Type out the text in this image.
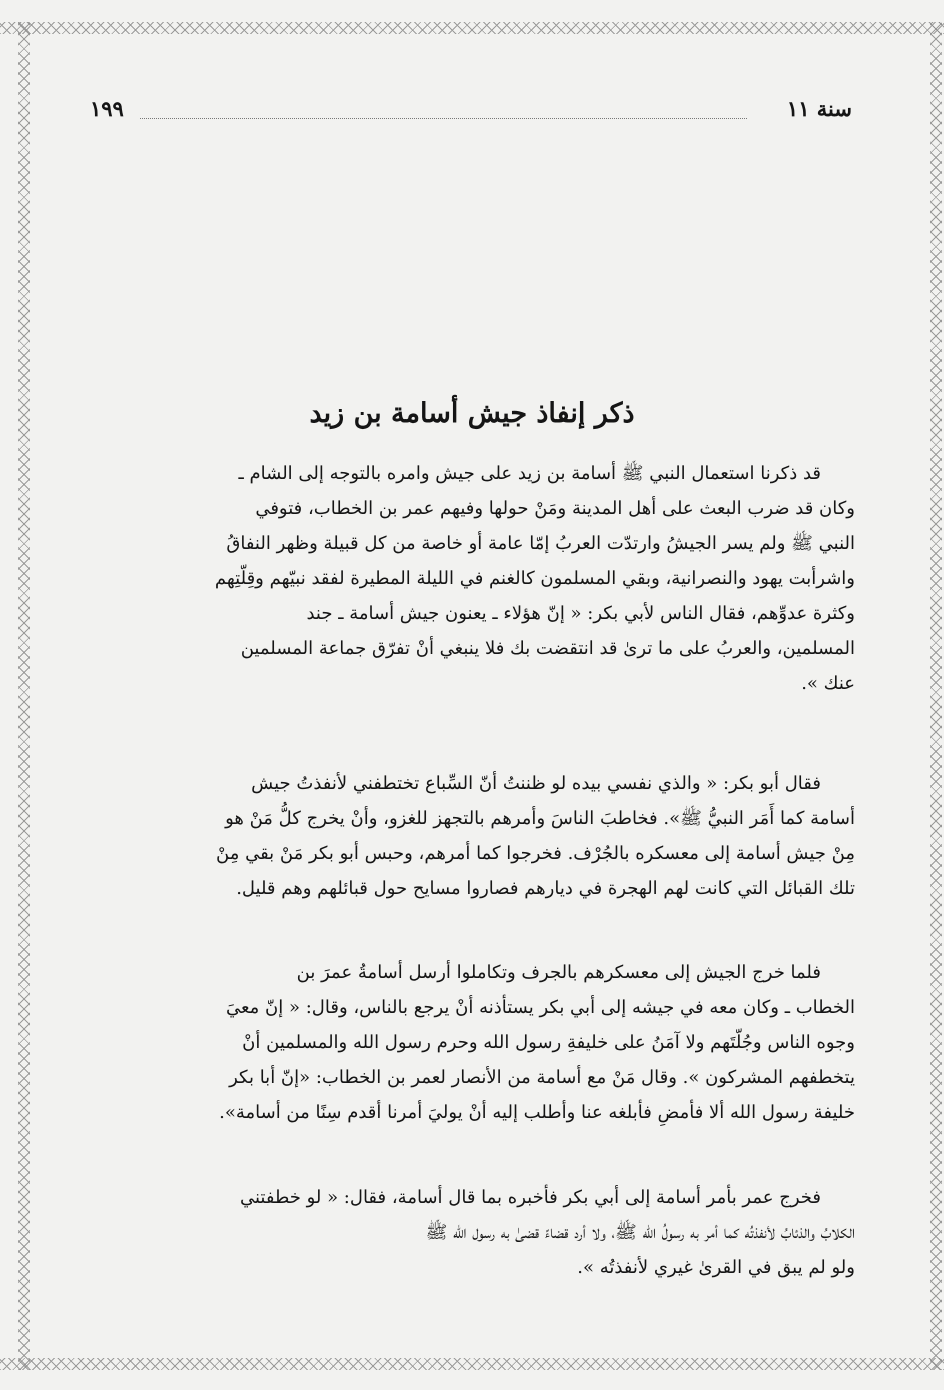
سنة ١١
١٩٩
ذكر إنفاذ جيش أسامة بن زيد
قد ذكرنا استعمال النبي ﷺ أسامة بن زيد على جيش وامره بالتوجه إلى الشام ـ
وكان قد ضرب البعث على أهل المدينة ومَنْ حولها وفيهم عمر بن الخطاب، فتوفي
النبي ﷺ ولم يسر الجيشُ وارتدّت العربُ إمّا عامة أو خاصة من كل قبيلة وظهر النفاقُ
واشرأبت يهود والنصرانية، وبقي المسلمون كالغنم في الليلة المطيرة لفقد نبيّهم وقِلّتِهم
وكثرة عدوِّهم، فقال الناس لأبي بكر: « إنّ هؤلاء ـ يعنون جيش أسامة ـ جند
المسلمين، والعربُ على ما ترىٰ قد انتقضت بك فلا ينبغي أنْ تفرّق جماعة المسلمين
عنك ».
فقال أبو بكر: « والذي نفسي بيده لو ظننتُ أنّ السِّباع تختطفني لأنفذتُ جيش
أسامة كما أَمَر النبيُّ ﷺ». فخاطبَ الناسَ وأمرهم بالتجهز للغزو، وأنْ يخرج كلُّ مَنْ هو
مِنْ جيش أسامة إلى معسكره بالجُرْف. فخرجوا كما أمرهم، وحبس أبو بكر مَنْ بقي مِنْ
تلك القبائل التي كانت لهم الهجرة في ديارهم فصاروا مسايح حول قبائلهم وهم قليل.
فلما خرج الجيش إلى معسكرهم بالجرف وتكاملوا أرسل أسامةُ عمرَ بن
الخطاب ـ وكان معه في جيشه إلى أبي بكر يستأذنه أنْ يرجع بالناس، وقال: « إنّ معيَ
وجوه الناس وجُلّتَهم ولا آمَنُ على خليفةِ رسول الله وحرم رسول الله والمسلمين أنْ
يتخطفهم المشركون ». وقال مَنْ مع أسامة من الأنصار لعمر بن الخطاب: «إنّ أبا بكر
خليفة رسول الله ألا فأمضِ فأبلغه عنا وأطلب إليه أنْ يوليَ أمرنا أقدم سِنًا من أسامة».
فخرج عمر بأمر أسامة إلى أبي بكر فأخبره بما قال أسامة، فقال: « لو خطفتني
الكلابُ والذئابُ لأنفذتُه كما أمر به رسولُ الله ﷺ، ولا أرد قضاءً قضىٰ به رسول الله ﷺ
ولو لم يبق في القرىٰ غيري لأنفذتُه ».
